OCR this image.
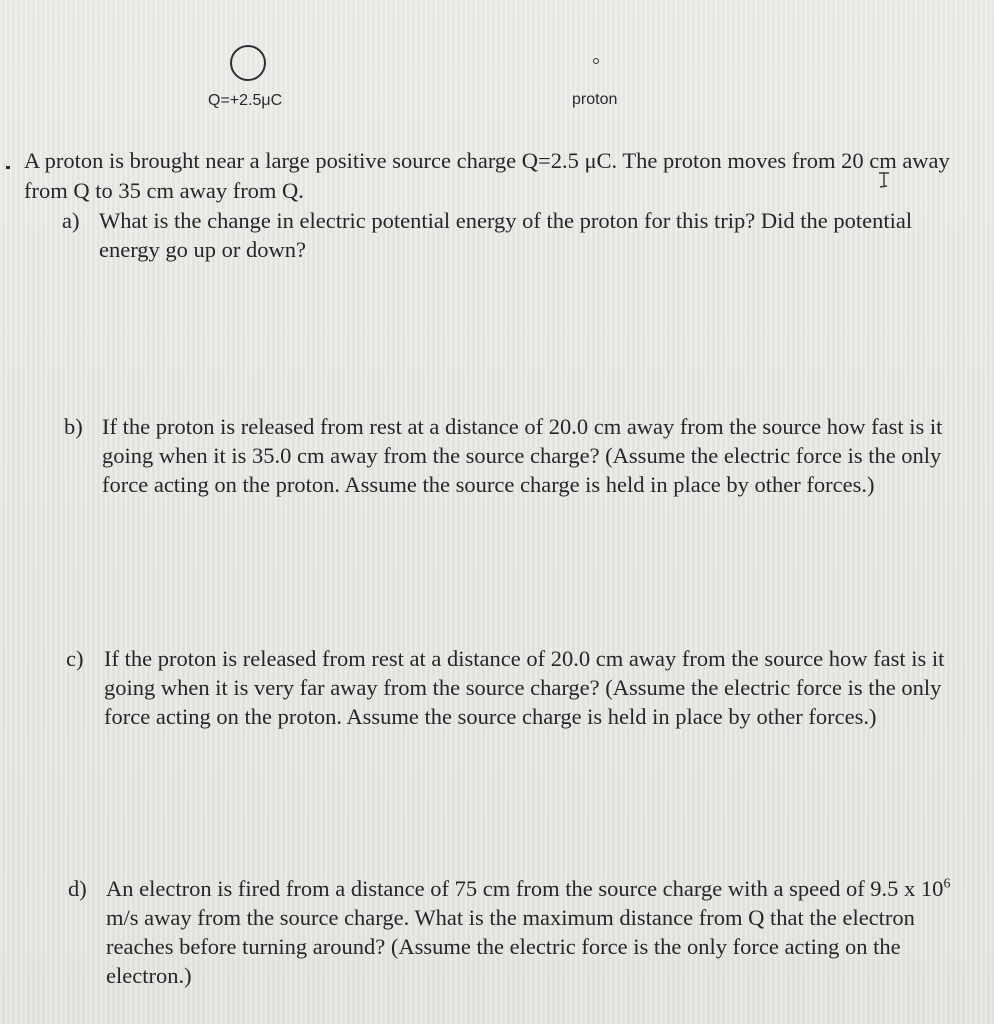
Q=+2.5μC	proton
A proton is brought near a large positive source charge Q=2.5 μC. The proton moves from 20 cm away from Q to 35 cm away from Q.
a) What is the change in electric potential energy of the proton for this trip? Did the potential energy go up or down?
b) If the proton is released from rest at a distance of 20.0 cm away from the source how fast is it going when it is 35.0 cm away from the source charge? (Assume the electric force is the only force acting on the proton. Assume the source charge is held in place by other forces.)
c) If the proton is released from rest at a distance of 20.0 cm away from the source how fast is it going when it is very far away from the source charge? (Assume the electric force is the only force acting on the proton. Assume the source charge is held in place by other forces.)
d) An electron is fired from a distance of 75 cm from the source charge with a speed of 9.5 x $10^6$ m/s away from the source charge. What is the maximum distance from Q that the electron reaches before turning around? (Assume the electric force is the only force acting on the electron.)
